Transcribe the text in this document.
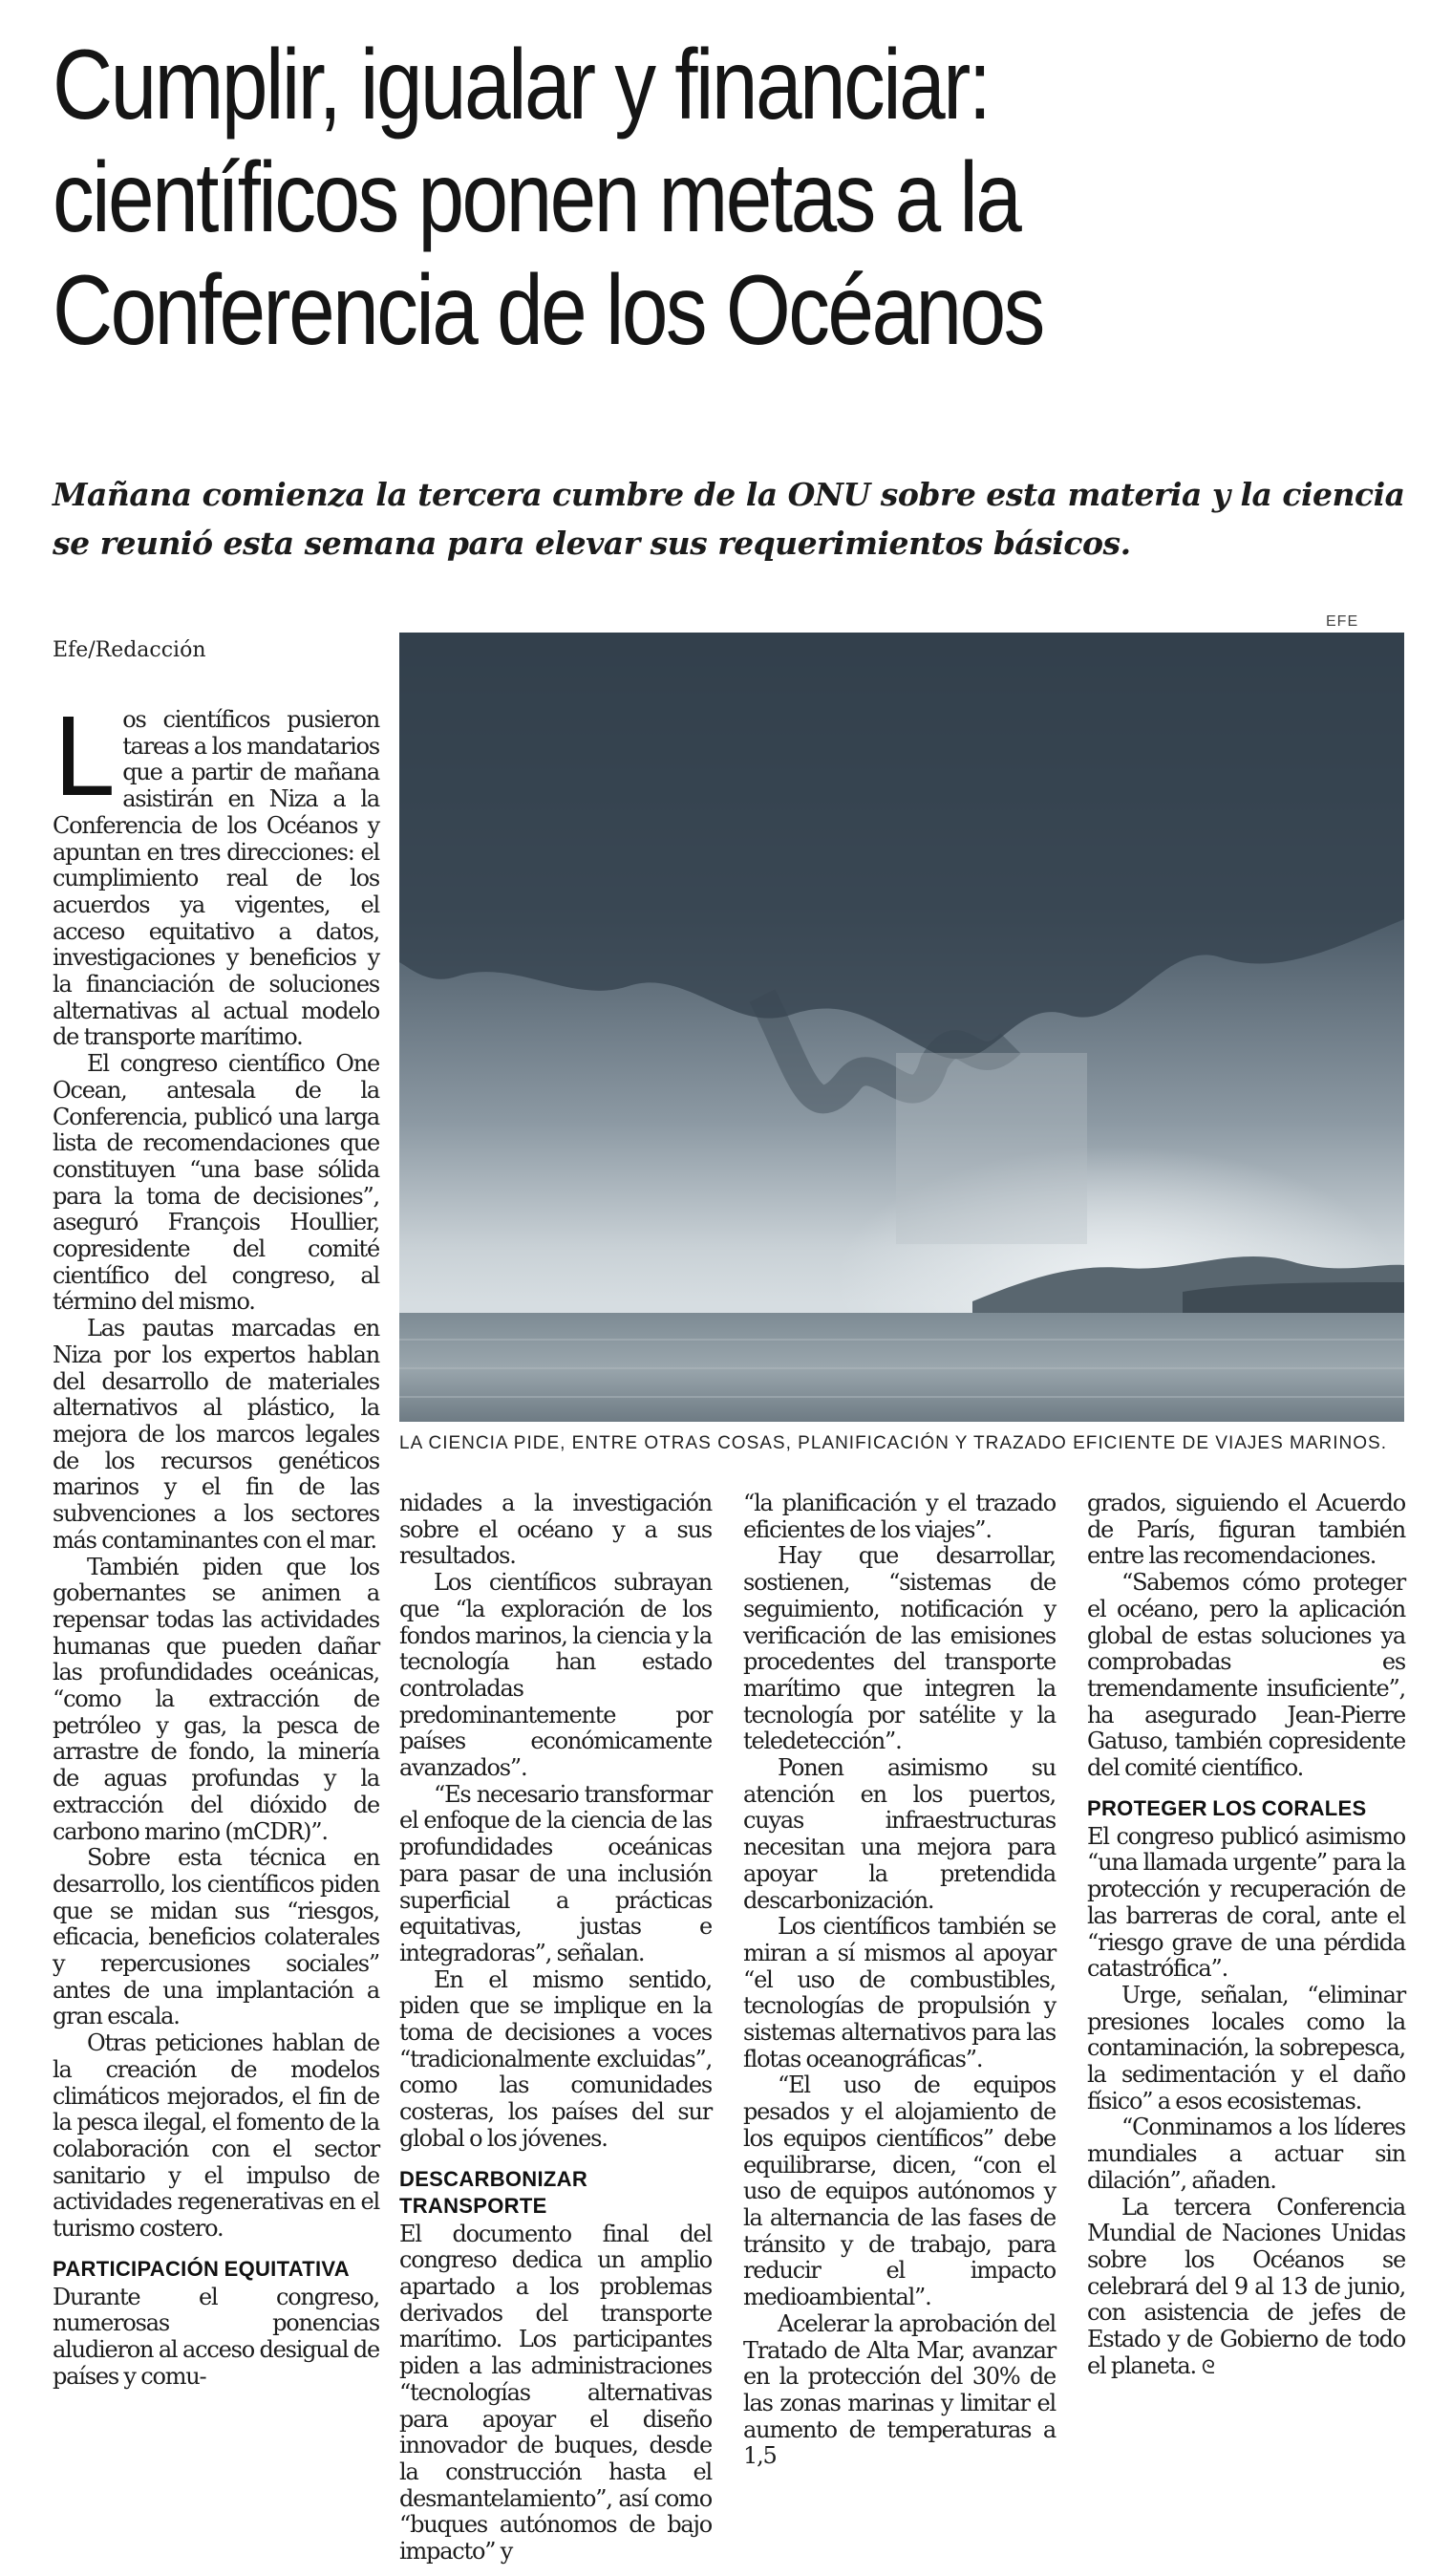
Cumplir, igualar y financiar:
científicos ponen metas a la
Conferencia de los Océanos

Mañana comienza la tercera cumbre de la ONU sobre esta materia y la ciencia se reunió esta semana para elevar sus requerimientos básicos.

Efe/Redacción

EFE

LA CIENCIA PIDE, ENTRE OTRAS COSAS, PLANIFICACIÓN Y TRAZADO EFICIENTE DE VIAJES MARINOS.

Los científicos pusieron tareas a los mandatarios que a partir de mañana asistirán en Niza a la Conferencia de los Océanos y apuntan en tres direcciones: el cumplimiento real de los acuerdos ya vigentes, el acceso equitativo a datos, investigaciones y beneficios y la financiación de soluciones alternativas al actual modelo de transporte marítimo.

El congreso científico One Ocean, antesala de la Conferencia, publicó una larga lista de recomendaciones que constituyen “una base sólida para la toma de decisiones”, aseguró François Houllier, copresidente del comité científico del congreso, al término del mismo.

Las pautas marcadas en Niza por los expertos hablan del desarrollo de materiales alternativos al plástico, la mejora de los marcos legales de los recursos genéticos marinos y el fin de las subvenciones a los sectores más contaminantes con el mar.

También piden que los gobernantes se animen a repensar todas las actividades humanas que pueden dañar las profundidades oceánicas, “como la extracción de petróleo y gas, la pesca de arrastre de fondo, la minería de aguas profundas y la extracción del dióxido de carbono marino (mCDR)”.

Sobre esta técnica en desarrollo, los científicos piden que se midan sus “riesgos, eficacia, beneficios colaterales y repercusiones sociales” antes de una implantación a gran escala.

Otras peticiones hablan de la creación de modelos climáticos mejorados, el fin de la pesca ilegal, el fomento de la colaboración con el sector sanitario y el impulso de actividades regenerativas en el turismo costero.

PARTICIPACIÓN EQUITATIVA

Durante el congreso, numerosas ponencias aludieron al acceso desigual de países y comu-

nidades a la investigación sobre el océano y a sus resultados.

Los científicos subrayan que “la exploración de los fondos marinos, la ciencia y la tecnología han estado controladas predominantemente por países económicamente avanzados”.

“Es necesario transformar el enfoque de la ciencia de las profundidades oceánicas para pasar de una inclusión superficial a prácticas equitativas, justas e integradoras”, señalan.

En el mismo sentido, piden que se implique en la toma de decisiones a voces “tradicionalmente excluidas”, como las comunidades costeras, los países del sur global o los jóvenes.

DESCARBONIZAR TRANSPORTE

El documento final del congreso dedica un amplio apartado a los problemas derivados del transporte marítimo. Los participantes piden a las administraciones “tecnologías alternativas para apoyar el diseño innovador de buques, desde la construcción hasta el desmantelamiento”, así como “buques autónomos de bajo impacto” y

“la planificación y el trazado eficientes de los viajes”.

Hay que desarrollar, sostienen, “sistemas de seguimiento, notificación y verificación de las emisiones procedentes del transporte marítimo que integren la tecnología por satélite y la teledetección”.

Ponen asimismo su atención en los puertos, cuyas infraestructuras necesitan una mejora para apoyar la pretendida descarbonización.

Los científicos también se miran a sí mismos al apoyar “el uso de combustibles, tecnologías de propulsión y sistemas alternativos para las flotas oceanográficas”.

“El uso de equipos pesados y el alojamiento de los equipos científicos” debe equilibrarse, dicen, “con el uso de equipos autónomos y la alternancia de las fases de tránsito y de trabajo, para reducir el impacto medioambiental”.

Acelerar la aprobación del Tratado de Alta Mar, avanzar en la protección del 30% de las zonas marinas y limitar el aumento de temperaturas a 1,5

grados, siguiendo el Acuerdo de París, figuran también entre las recomendaciones.

“Sabemos cómo proteger el océano, pero la aplicación global de estas soluciones ya comprobadas es tremendamente insuficiente”, ha asegurado Jean-Pierre Gatuso, también copresidente del comité científico.

PROTEGER LOS CORALES

El congreso publicó asimismo “una llamada urgente” para la protección y recuperación de las barreras de coral, ante el “riesgo grave de una pérdida catastrófica”.

Urge, señalan, “eliminar presiones locales como la contaminación, la sobrepesca, la sedimentación y el daño físico” a esos ecosistemas.

“Conminamos a los líderes mundiales a actuar sin dilación”, añaden.

La tercera Conferencia Mundial de Naciones Unidas sobre los Océanos se celebrará del 9 al 13 de junio, con asistencia de jefes de Estado y de Gobierno de todo el planeta. ᘓ
